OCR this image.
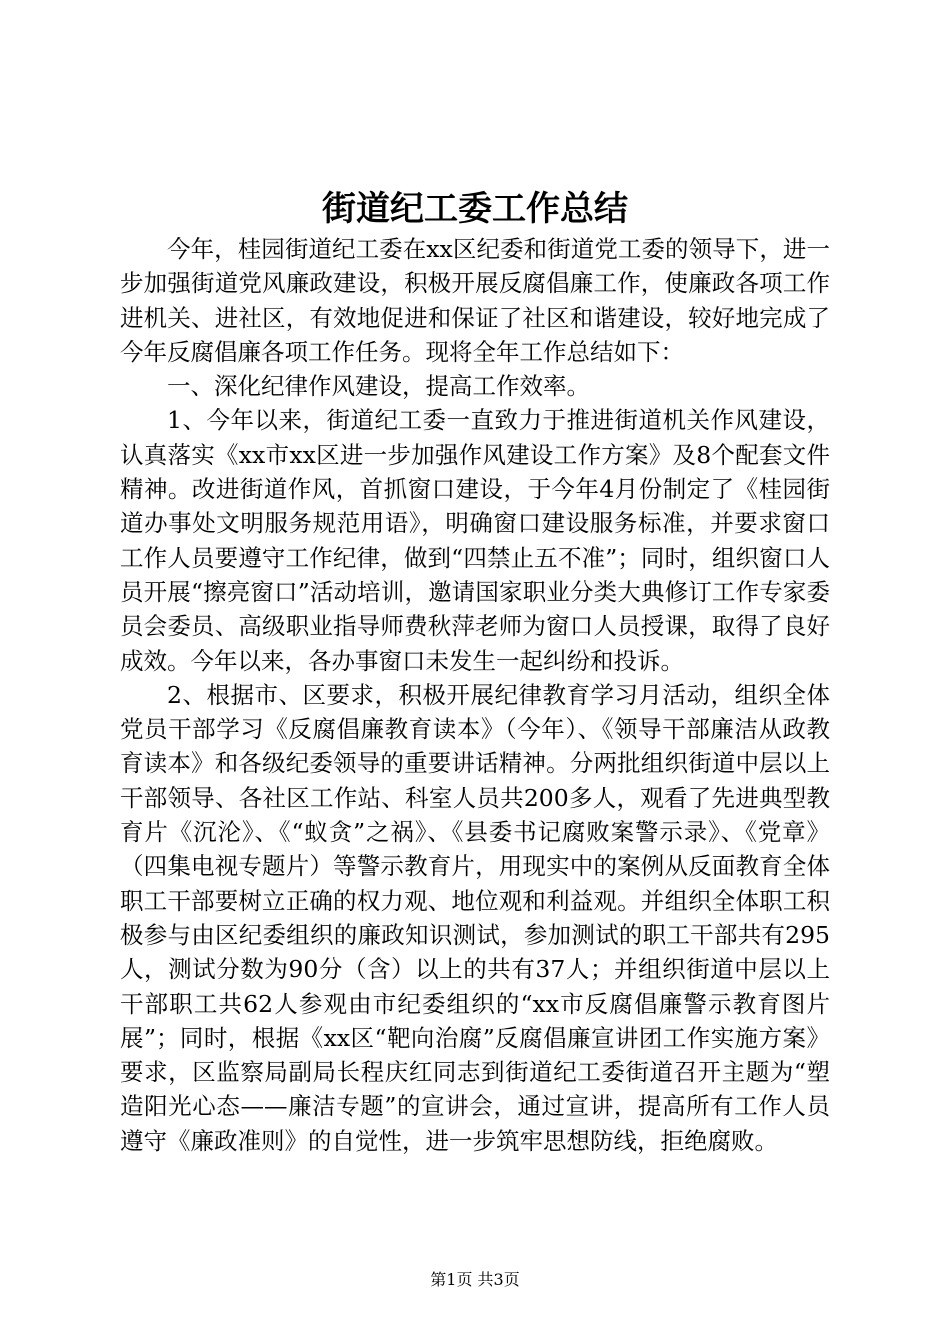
街道纪工委工作总结

今年，桂园街道纪工委在xx区纪委和街道党工委的领导下，进一步加强街道党风廉政建设，积极开展反腐倡廉工作，使廉政各项工作进机关、进社区，有效地促进和保证了社区和谐建设，较好地完成了今年反腐倡廉各项工作任务。现将全年工作总结如下：

一、深化纪律作风建设，提高工作效率。

1、今年以来，街道纪工委一直致力于推进街道机关作风建设，认真落实《xx市xx区进一步加强作风建设工作方案》及8个配套文件精神。改进街道作风，首抓窗口建设，于今年4月份制定了《桂园街道办事处文明服务规范用语》，明确窗口建设服务标准，并要求窗口工作人员要遵守工作纪律，做到“四禁止五不准”；同时，组织窗口人员开展“擦亮窗口”活动培训，邀请国家职业分类大典修订工作专家委员会委员、高级职业指导师费秋萍老师为窗口人员授课，取得了良好成效。今年以来，各办事窗口未发生一起纠纷和投诉。

2、根据市、区要求，积极开展纪律教育学习月活动，组织全体党员干部学习《反腐倡廉教育读本》（今年）、《领导干部廉洁从政教育读本》和各级纪委领导的重要讲话精神。分两批组织街道中层以上干部领导、各社区工作站、科室人员共200多人，观看了先进典型教育片《沉沦》、《“蚁贪”之祸》、《县委书记腐败案警示录》、《党章》（四集电视专题片）等警示教育片，用现实中的案例从反面教育全体职工干部要树立正确的权力观、地位观和利益观。并组织全体职工积极参与由区纪委组织的廉政知识测试，参加测试的职工干部共有295人，测试分数为90分（含）以上的共有37人；并组织街道中层以上干部职工共62人参观由市纪委组织的“xx市反腐倡廉警示教育图片展”；同时，根据《xx区“靶向治腐”反腐倡廉宣讲团工作实施方案》要求，区监察局副局长程庆红同志到街道纪工委街道召开主题为“塑造阳光心态——廉洁专题”的宣讲会，通过宣讲，提高所有工作人员遵守《廉政准则》的自觉性，进一步筑牢思想防线，拒绝腐败。

第1页 共3页
